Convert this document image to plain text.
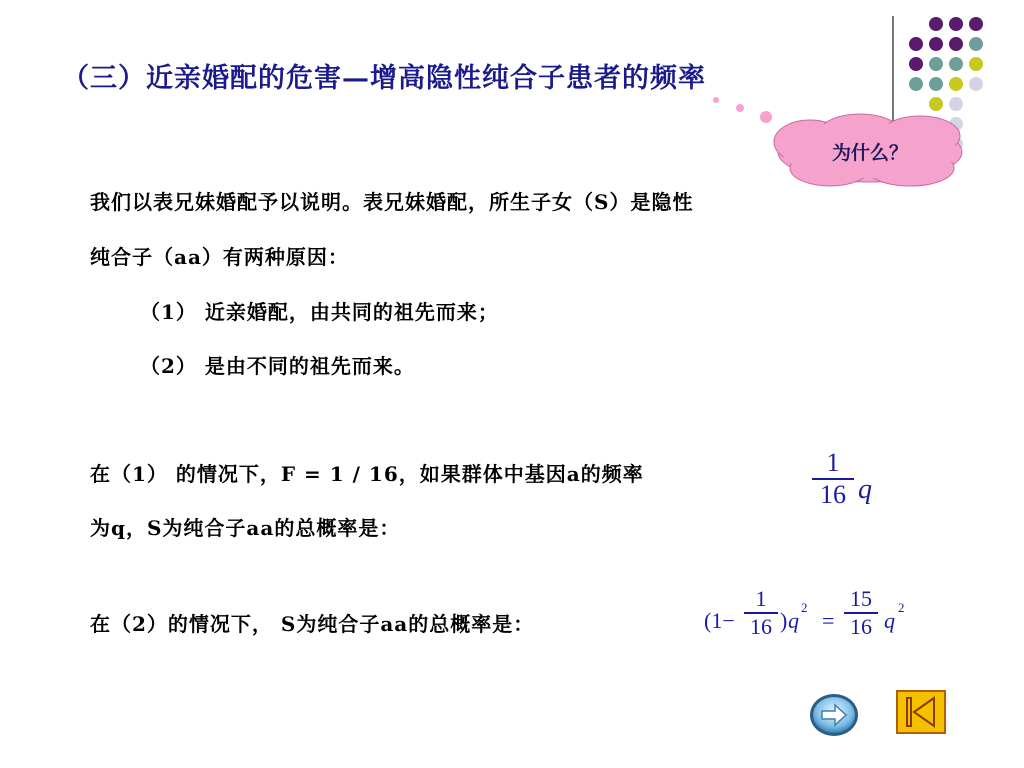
（三）近亲婚配的危害—增高隐性纯合子患者的频率
为什么？
我们以表兄妹婚配予以说明。表兄妹婚配，所生子女（S）是隐性
纯合子（aa）有两种原因：
（1） 近亲婚配，由共同的祖先而来；
（2） 是由不同的祖先而来。
在（1） 的情况下，F = 1 / 16，如果群体中基因a的频率
为q，S为纯合子aa的总概率是：
1
16 q
在（2）的情况下， S为纯合子aa的总概率是：	(1−
1
16 ) q
2
=
15
16 q
2
